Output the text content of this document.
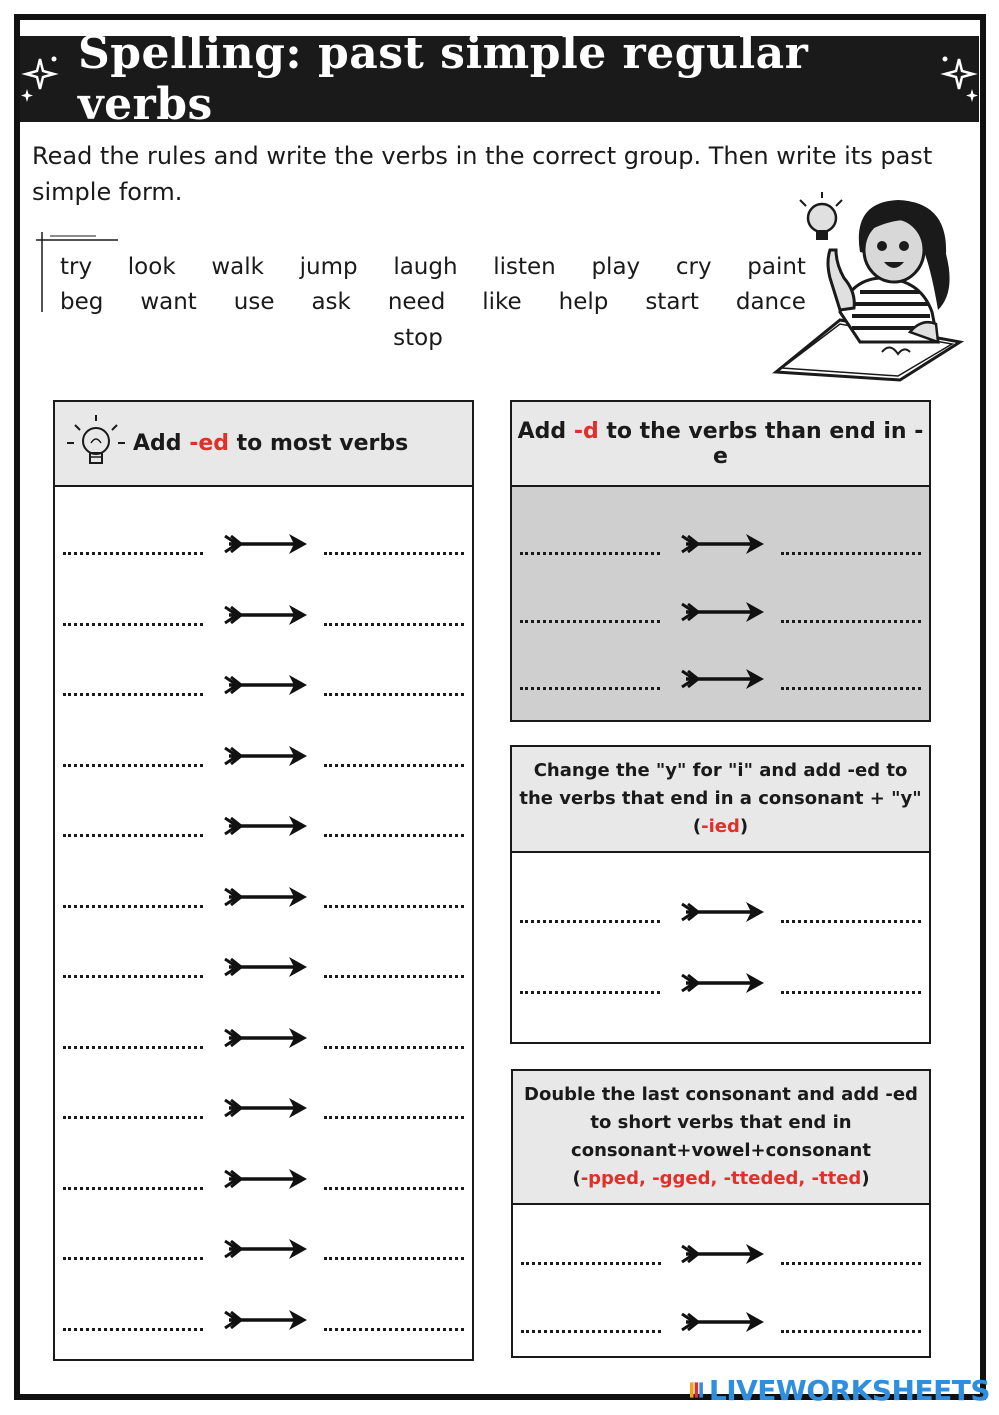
Spelling: past simple regular verbs
Read the rules and write the verbs in the correct group. Then write its past simple form.
try look walk jump laugh listen play cry paint
beg want use ask need like help start dance
stop
Add -ed to most verbs	Add -d to the verbs than end in -e
Change the "y" for "i" and add -ed to
the verbs that end in a consonant + "y"
(-ied)
Double the last consonant and add -ed
to short verbs that end in
consonant+vowel+consonant
(-pped, -gged, -tteded, -tted)
LIVEWORKSHEETS
